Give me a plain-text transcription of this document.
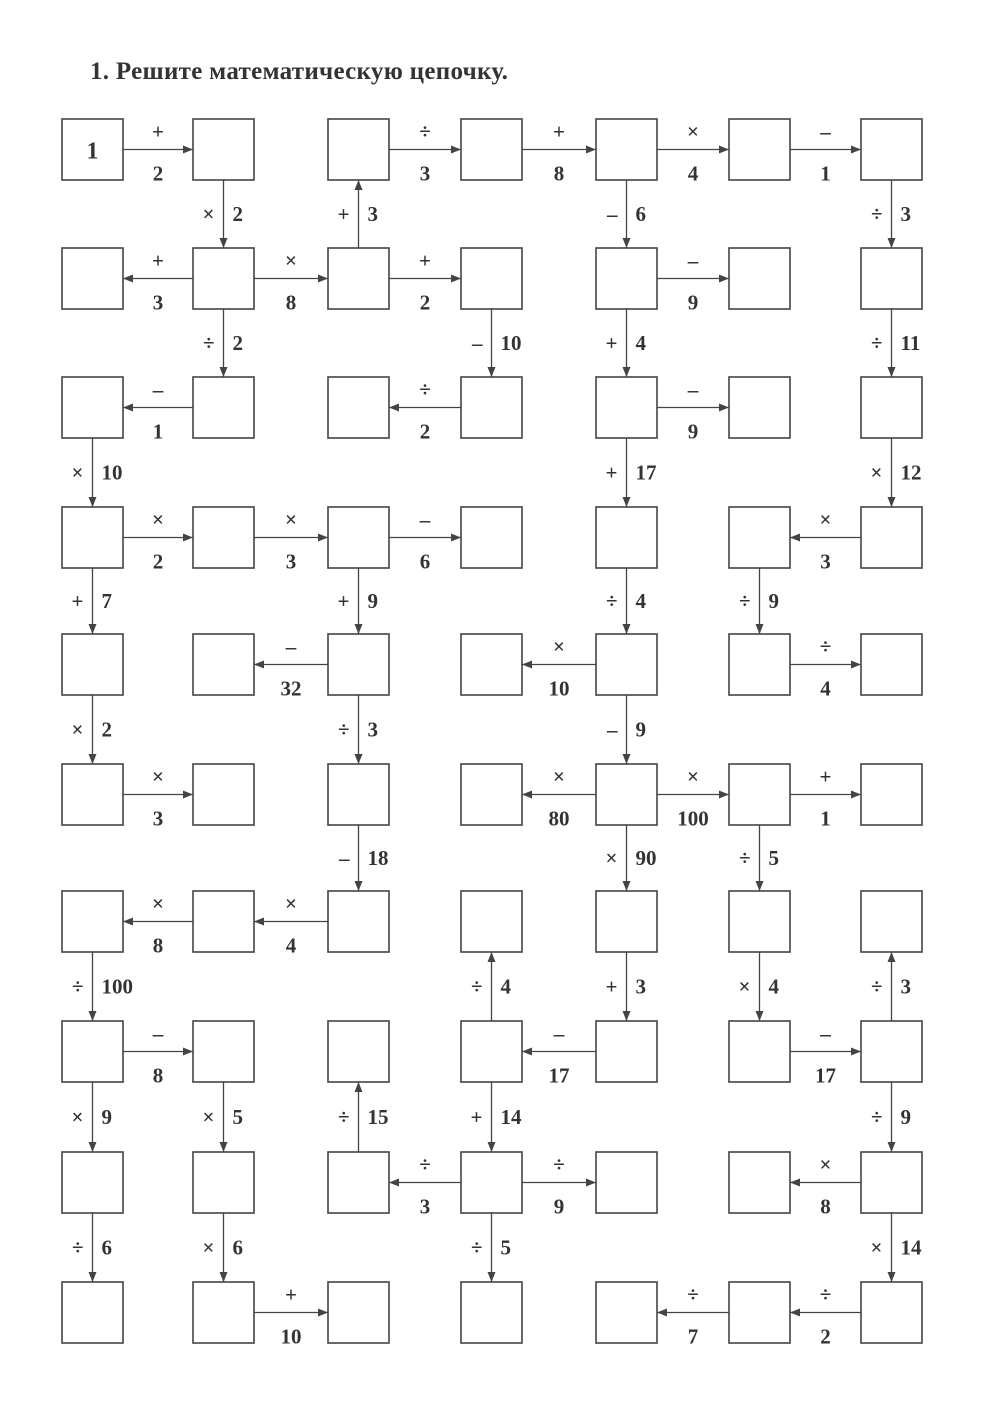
1. Решите математическую цепочку.
+
2
÷
3
+
8
×
4
–
1
× 2	+ 3	– 6	÷ 3
+
3
×
8
+
2
–
9
÷ 2	– 10	+ 4	÷ 11
–
1
÷
2
–
9
× 10	+ 17	× 12
×
2
×
3
–
6
×
3
+ 7	+ 9	÷ 4	÷ 9
–
32
×
10
÷
4
× 2	÷ 3	– 9
×
3
×
80
×
100
+
1
– 18	× 90	÷ 5
×
4
×
8
÷ 100	÷ 4	+ 3	× 4	÷ 3
–
8
–
17
–
17
× 9	× 5	÷ 15	+ 14	÷ 9
÷
3
÷
9
×
8
÷ 6	× 6	÷ 5	× 14
+
10
÷
2
÷
7
1
